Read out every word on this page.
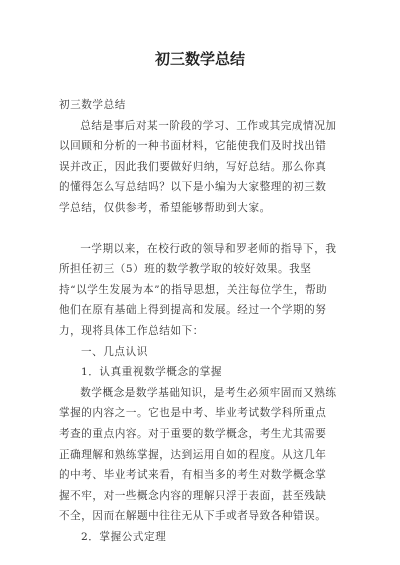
初三数学总结

初三数学总结

总结是事后对某一阶段的学习、工作或其完成情况加以回顾和分析的一种书面材料，它能使我们及时找出错误并改正，因此我们要做好归纳，写好总结。那么你真的懂得怎么写总结吗？以下是小编为大家整理的初三数学总结，仅供参考，希望能够帮助到大家。

一学期以来，在校行政的领导和罗老师的指导下，我所担任初三（5）班的数学教学取的较好效果。我坚持“以学生发展为本”的指导思想，关注每位学生，帮助他们在原有基础上得到提高和发展。经过一个学期的努力，现将具体工作总结如下：

一、几点认识

1．认真重视数学概念的掌握

数学概念是数学基础知识，是考生必须牢固而又熟练掌握的内容之一。它也是中考、毕业考试数学科所重点考查的重点内容。对于重要的数学概念，考生尤其需要正确理解和熟练掌握，达到运用自如的程度。从这几年的中考、毕业考试来看，有相当多的考生对数学概念掌握不牢，对一些概念内容的理解只浮于表面，甚至残缺不全，因而在解题中往往无从下手或者导致各种错误。

2．掌握公式定理
